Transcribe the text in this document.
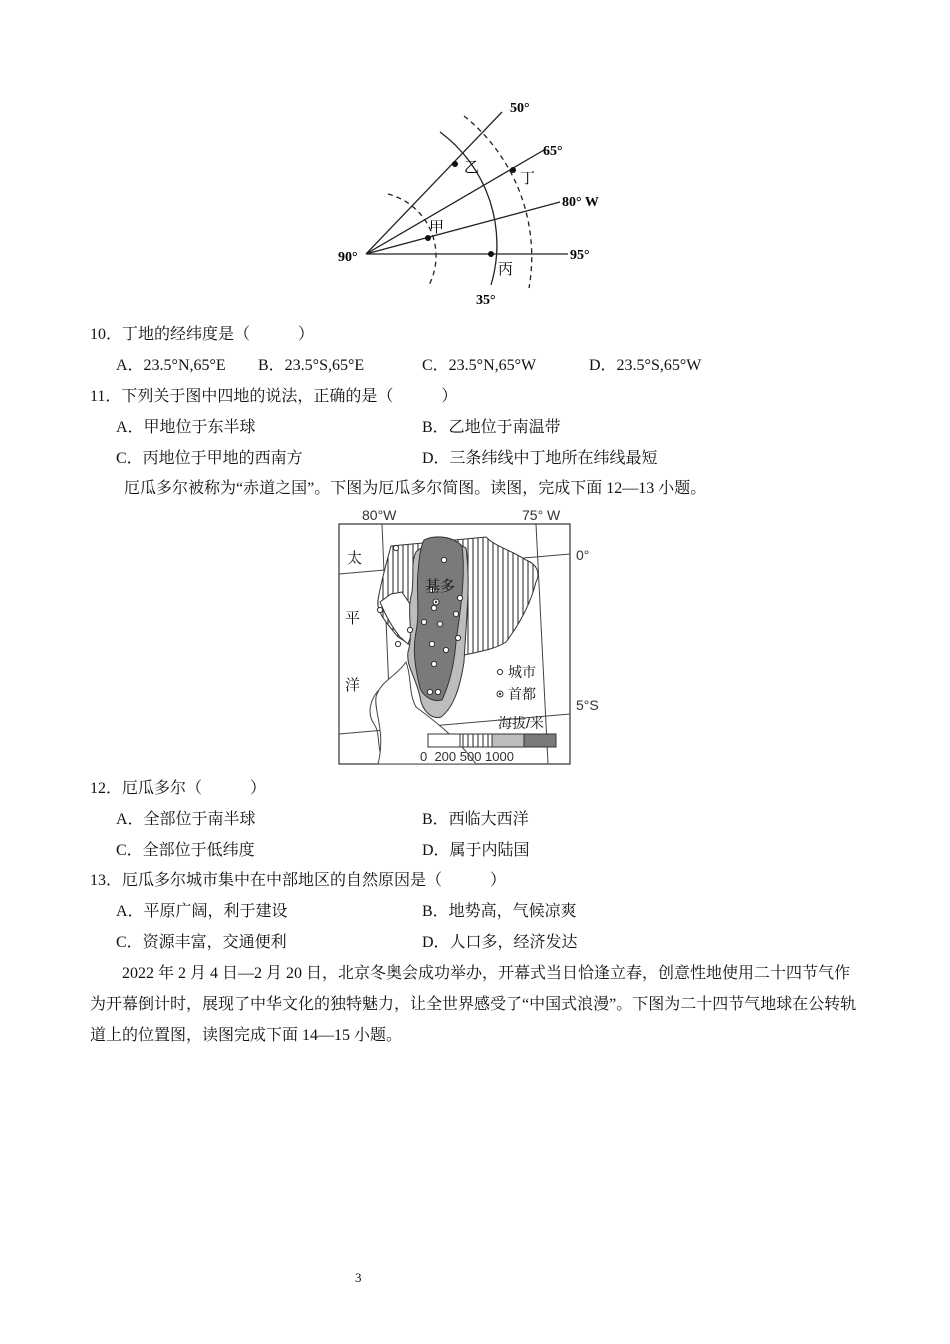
50°
65°
80° W
90°	95°
35°
乙
丁
甲
丙
10．丁地的经纬度是（　　　）
A．23.5°N,65°E B．23.5°S,65°E	C．23.5°N,65°W	D．23.5°S,65°W
11．下列关于图中四地的说法，正确的是（　　　）
A．甲地位于东半球	B．乙地位于南温带
C．丙地位于甲地的西南方	D．三条纬线中丁地所在纬线最短
厄瓜多尔被称为“赤道之国”。下图为厄瓜多尔简图。读图，完成下面 12—13 小题。
基多
80°W	75° W
0°
5°S
太
平
洋
城市
首都
海拔/米
0  200 500 1000
12．厄瓜多尔（　　　）
A．全部位于南半球	B．西临大西洋
C．全部位于低纬度	D．属于内陆国
13．厄瓜多尔城市集中在中部地区的自然原因是（　　　）
A．平原广阔，利于建设	B．地势高，气候凉爽
C．资源丰富，交通便利	D．人口多，经济发达
2022 年 2 月 4 日—2 月 20 日，北京冬奥会成功举办，开幕式当日恰逢立春，创意性地使用二十四节气作为开幕倒计时，展现了中华文化的独特魅力，让全世界感受了“中国式浪漫”。下图为二十四节气地球在公转轨道上的位置图，读图完成下面 14—15 小题。
3
